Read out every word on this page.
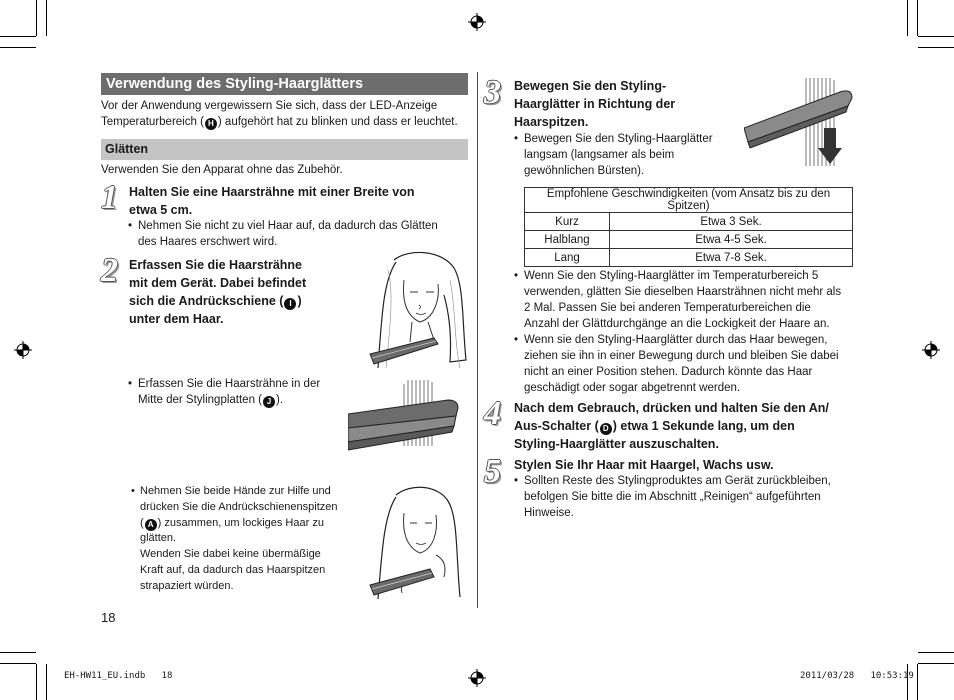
Verwendung des Styling-Haarglätters
Vor der Anwendung vergewissern Sie sich, dass der LED-Anzeige
Temperaturbereich ( H ) aufgehört hat zu blinken und dass er leuchtet.
Glätten
Verwenden Sie den Apparat ohne das Zubehör.
1 Halten Sie eine Haarsträhne mit einer Breite von
etwa 5 cm.
• Nehmen Sie nicht zu viel Haar auf, da dadurch das Glätten
des Haares erschwert wird.
2 Erfassen Sie die Haarsträhne
mit dem Gerät. Dabei befindet
sich die Andrückschiene ( I )
unter dem Haar.
• Erfassen Sie die Haarsträhne in der
Mitte der Stylingplatten ( J ).
• Nehmen Sie beide Hände zur Hilfe und
drücken Sie die Andrückschienenspitzen
( A ) zusammen, um lockiges Haar zu
glätten.
Wenden Sie dabei keine übermäßige
Kraft auf, da dadurch das Haarspitzen
strapaziert würden.
18
3 Bewegen Sie den Styling-
Haarglätter in Richtung der
Haarspitzen.
• Bewegen Sie den Styling-Haarglätter
langsam (langsamer als beim
gewöhnlichen Bürsten).
Empfohlene Geschwindigkeiten (vom Ansatz bis zu den Spitzen)	
Kurz	Etwa 3 Sek.
Halblang	Etwa 4-5 Sek.
Lang	Etwa 7-8 Sek.
• Wenn Sie den Styling-Haarglätter im Temperaturbereich 5
verwenden, glätten Sie dieselben Haarsträhnen nicht mehr als
2 Mal. Passen Sie bei anderen Temperaturbereichen die
Anzahl der Glättdurchgänge an die Lockigkeit der Haare an.
• Wenn sie den Styling-Haarglätter durch das Haar bewegen,
ziehen sie ihn in einer Bewegung durch und bleiben Sie dabei
nicht an einer Position stehen. Dadurch könnte das Haar
geschädigt oder sogar abgetrennt werden.
4 Nach dem Gebrauch, drücken und halten Sie den An/
Aus-Schalter ( D ) etwa 1 Sekunde lang, um den
Styling-Haarglätter auszuschalten.
5 Stylen Sie Ihr Haar mit Haargel, Wachs usw.
• Sollten Reste des Stylingproduktes am Gerät zurückbleiben,
befolgen Sie bitte die im Abschnitt „Reinigen“ aufgeführten
Hinweise.
EH-HW11_EU.indb   18	2011/03/28   10:53:19
